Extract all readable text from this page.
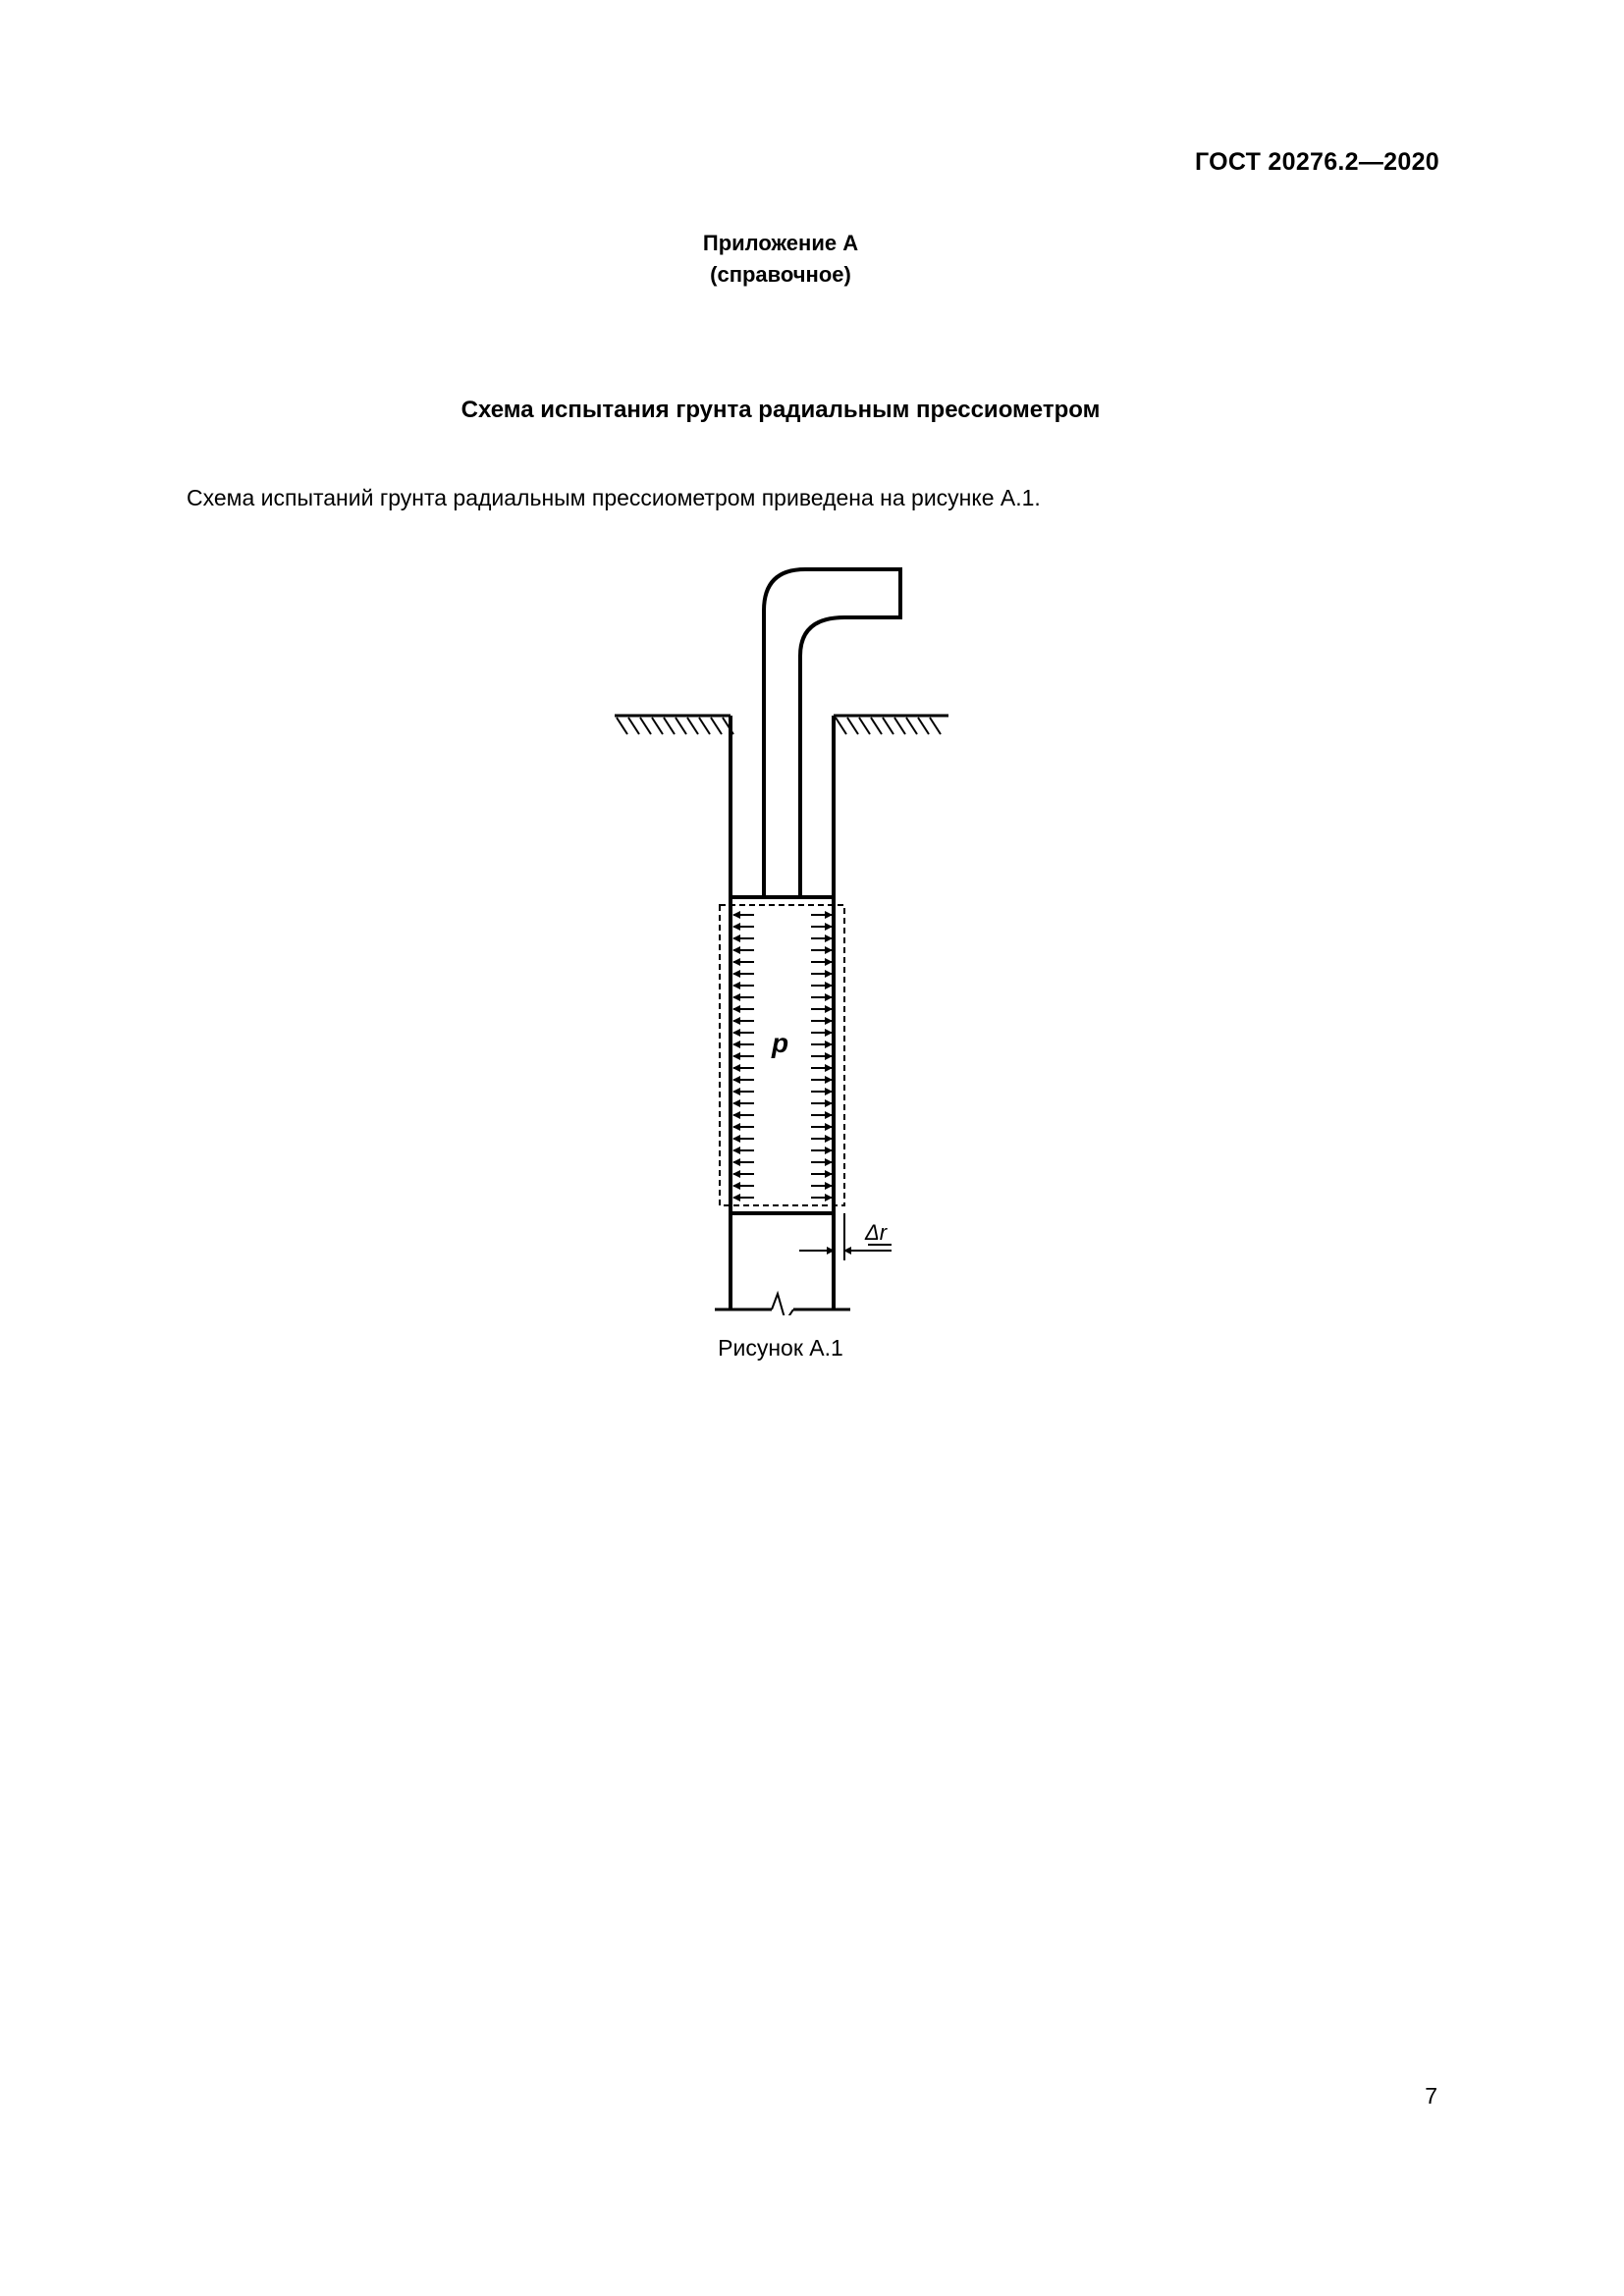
ГОСТ 20276.2—2020
Приложение А
(справочное)
Схема испытания грунта радиальным прессиометром
Схема испытаний грунта радиальным прессиометром приведена на рисунке А.1.
p
Δr
Рисунок А.1
7
